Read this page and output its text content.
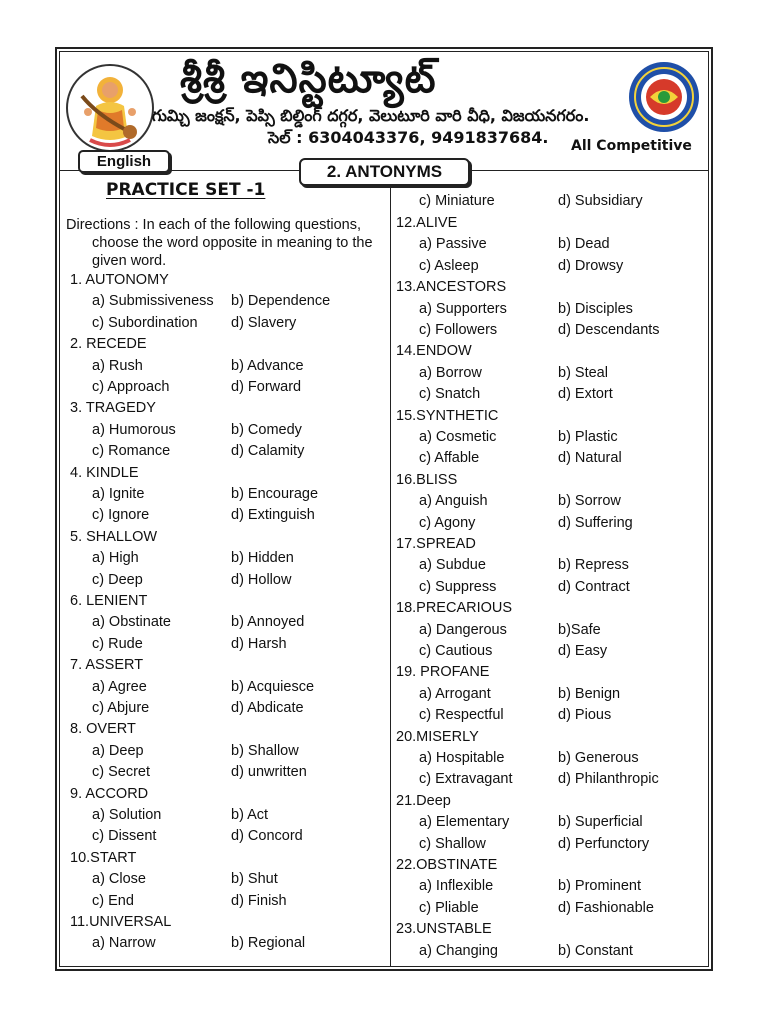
శ్రీశ్రీ ఇనిస్టిట్యూట్
గుమ్చి జంక్షన్, పెప్సి బిల్డింగ్ దగ్గర, వెలుటూరి వారి వీధి, విజయనగరం.
సెల్ : 6304043376, 9491837684. All Competitive
English
2. ANTONYMS
PRACTICE SET -1
Directions : In each of the following questions,
choose the word opposite in meaning to the given word.
1. AUTONOMY
a) Submissiveness b) Dependence
c) Subordination d) Slavery
2. RECEDE
a) Rush	b) Advance
c) Approach	d) Forward
3. TRAGEDY
a) Humorous	b) Comedy
c) Romance	d) Calamity
4. KINDLE
a) Ignite	b) Encourage
c) Ignore	d) Extinguish
5. SHALLOW
a) High	b) Hidden
c) Deep	d) Hollow
6. LENIENT
a) Obstinate	b) Annoyed
c) Rude	d) Harsh
7. ASSERT
a) Agree	b) Acquiesce
c) Abjure	d) Abdicate
8. OVERT
a) Deep	b) Shallow
c) Secret	d) unwritten
9. ACCORD
a) Solution	b) Act
c) Dissent	d) Concord
10.START
a) Close	b) Shut
c) End	d) Finish
11.UNIVERSAL
a) Narrow	b) Regional
c) Miniature	d) Subsidiary
12.ALIVE
a) Passive	b) Dead
c) Asleep	d) Drowsy
13.ANCESTORS
a) Supporters	b) Disciples
c) Followers	d) Descendants
14.ENDOW
a) Borrow	b) Steal
c) Snatch	d) Extort
15.SYNTHETIC
a) Cosmetic	b) Plastic
c) Affable	d) Natural
16.BLISS
a) Anguish	b) Sorrow
c) Agony	d) Suffering
17.SPREAD
a) Subdue	b) Repress
c) Suppress	d) Contract
18.PRECARIOUS
a) Dangerous	b)Safe
c) Cautious	d) Easy
19. PROFANE
a) Arrogant	b) Benign
c) Respectful	d) Pious
20.MISERLY
a) Hospitable	b) Generous
c) Extravagant	d) Philanthropic
21.Deep
a) Elementary	b) Superficial
c) Shallow	d) Perfunctory
22.OBSTINATE
a) Inflexible	b) Prominent
c) Pliable	d) Fashionable
23.UNSTABLE
a) Changing	b) Constant
